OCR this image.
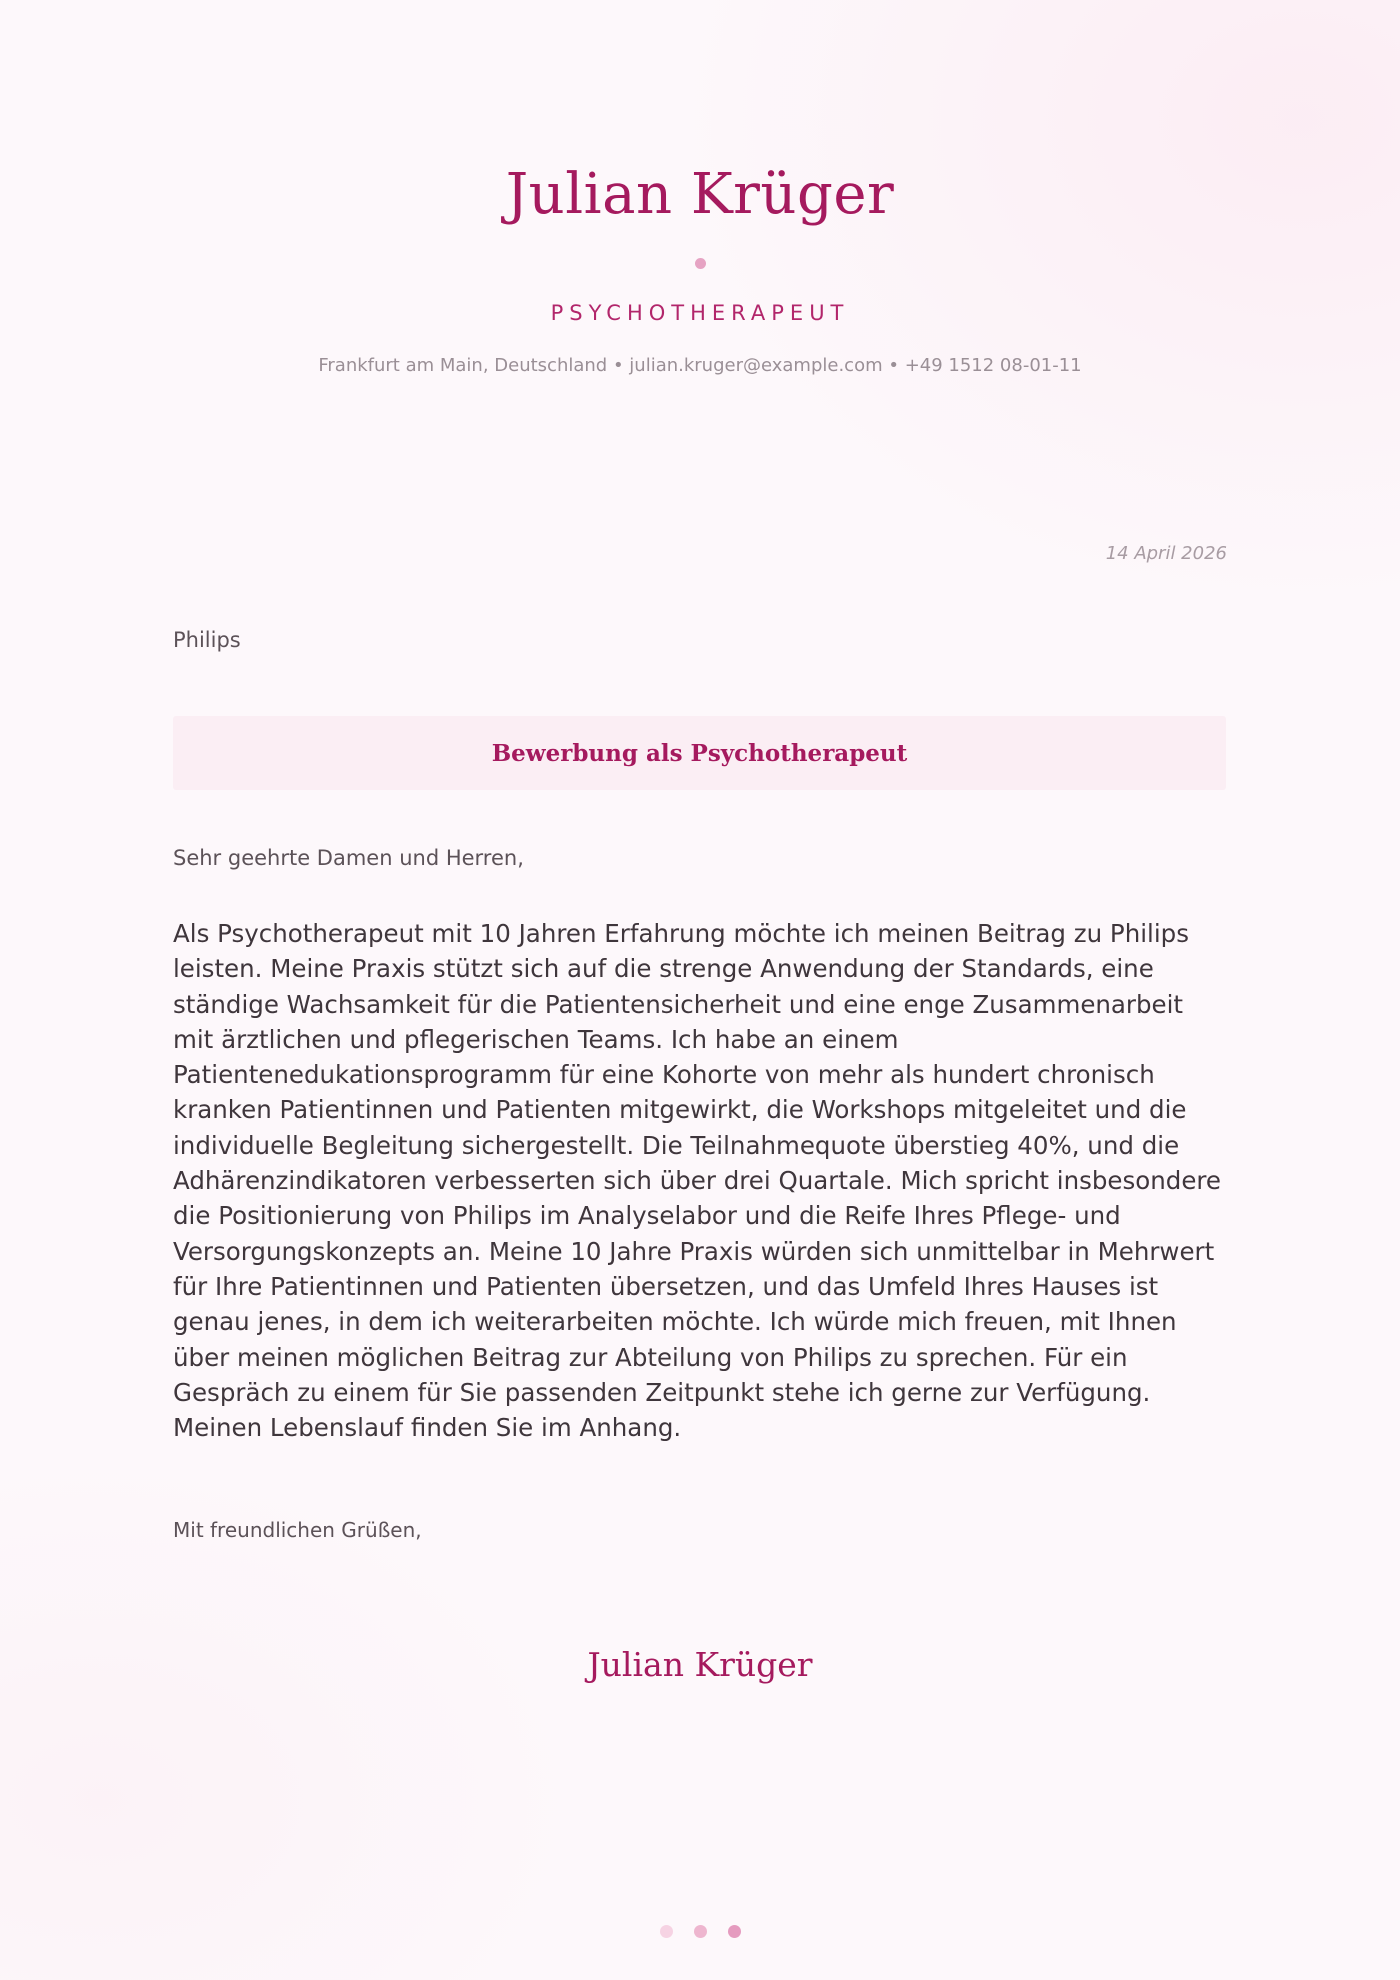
Julian Krüger
PSYCHOTHERAPEUT
Frankfurt am Main, Deutschland • julian.kruger@example.com • +49 1512 08-01-11
14 April 2026
Philips
Bewerbung als Psychotherapeut
Sehr geehrte Damen und Herren,

Als Psychotherapeut mit 10 Jahren Erfahrung möchte ich meinen Beitrag zu Philips leisten. Meine Praxis stützt sich auf die strenge Anwendung der Standards, eine ständige Wachsamkeit für die Patientensicherheit und eine enge Zusammenarbeit mit ärztlichen und pflegerischen Teams. Ich habe an einem Patientenedukationsprogramm für eine Kohorte von mehr als hundert chronisch kranken Patientinnen und Patienten mitgewirkt, die Workshops mitgeleitet und die individuelle Begleitung sichergestellt. Die Teilnahmequote überstieg 40%, und die Adhärenzindikatoren verbesserten sich über drei Quartale. Mich spricht insbesondere die Positionierung von Philips im Analyselabor und die Reife Ihres Pflege- und Versorgungskonzepts an. Meine 10 Jahre Praxis würden sich unmittelbar in Mehrwert für Ihre Patientinnen und Patienten übersetzen, und das Umfeld Ihres Hauses ist genau jenes, in dem ich weiterarbeiten möchte. Ich würde mich freuen, mit Ihnen über meinen möglichen Beitrag zur Abteilung von Philips zu sprechen. Für ein Gespräch zu einem für Sie passenden Zeitpunkt stehe ich gerne zur Verfügung. Meinen Lebenslauf finden Sie im Anhang.

Mit freundlichen Grüßen,
Julian Krüger
